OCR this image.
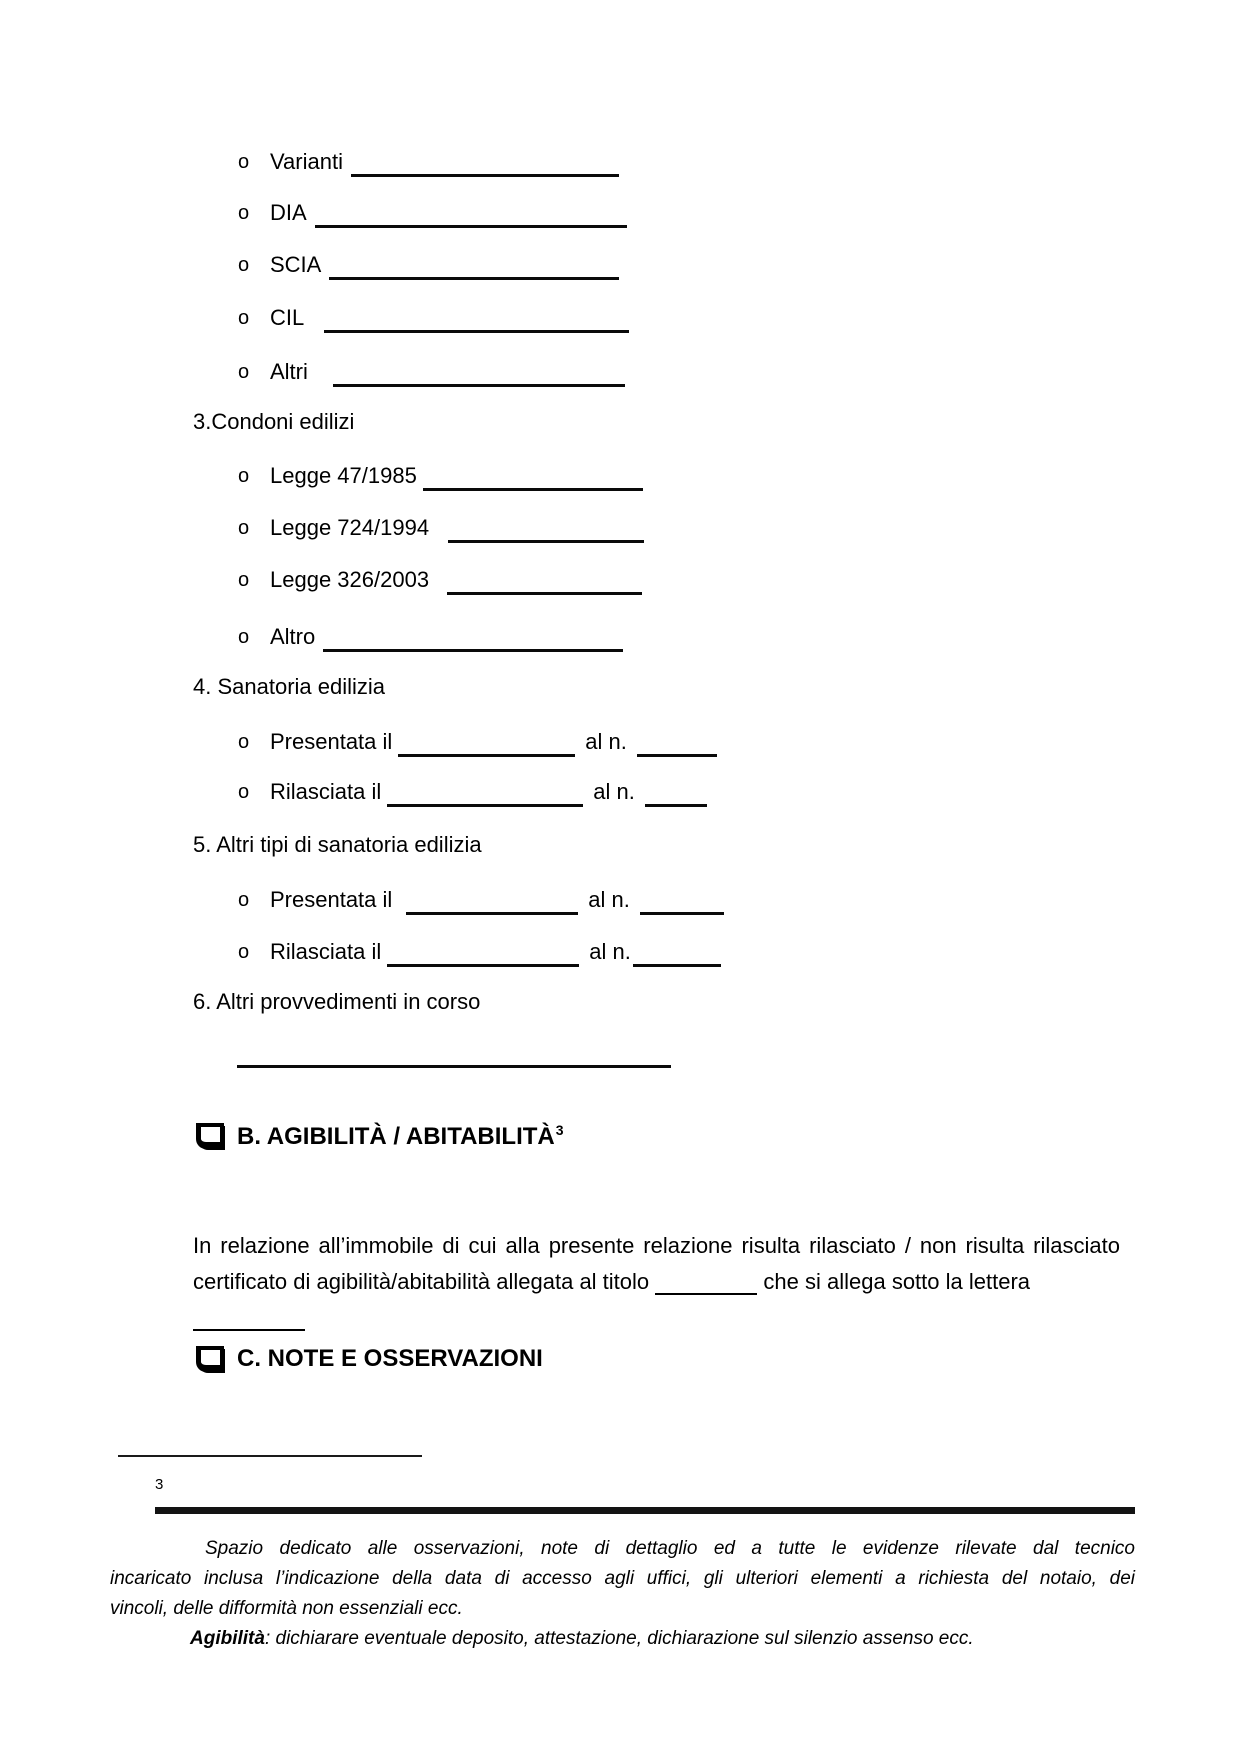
o Varianti
o DIA
o SCIA
o CIL
o Altri
3.Condoni edilizi
o Legge 47/1985
o Legge 724/1994
o Legge 326/2003
o Altro
4. Sanatoria edilizia
o Presentata il	al n.
o Rilasciata il	al n.
5. Altri tipi di sanatoria edilizia
o Presentata il	al n.
o Rilasciata il	al n.
6. Altri provvedimenti in corso
B. AGIBILITÀ / ABITABILITÀ$^3$
In relazione all’immobile di cui alla presente relazione risulta rilasciato / non risulta rilasciato
certificato di agibilità/abitabilità allegata al titolo	che si allega sotto la lettera
C. NOTE E OSSERVAZIONI
3
Spazio dedicato alle osservazioni, note di dettaglio ed a tutte le evidenze rilevate dal tecnico
incaricato inclusa l’indicazione della data di accesso agli uffici, gli ulteriori elementi a richiesta del notaio, dei
vincoli, delle difformità non essenziali ecc.
Agibilità: dichiarare eventuale deposito, attestazione, dichiarazione sul silenzio assenso ecc.
